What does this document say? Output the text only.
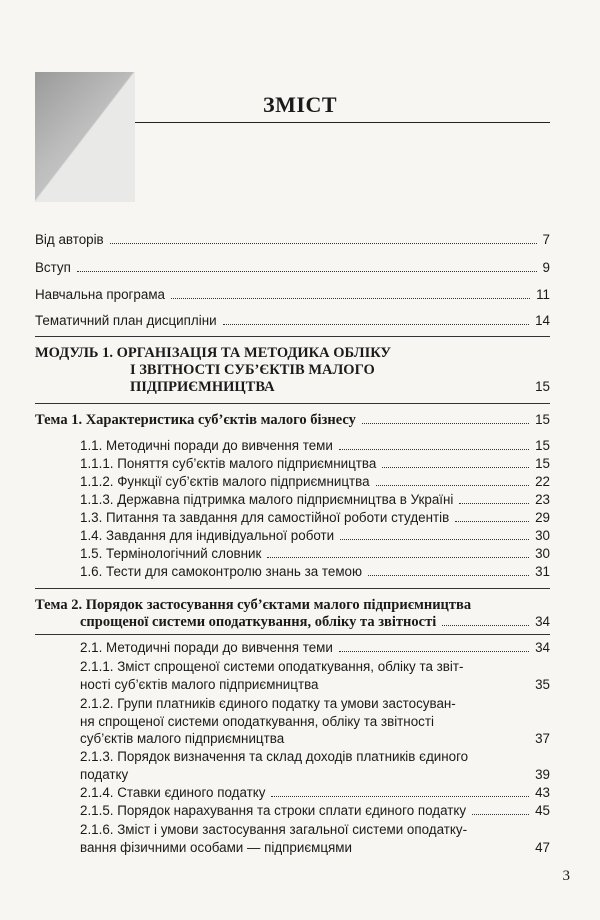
ЗМІСТ
Від авторів	7
Вступ	9
Навчальна програма	11
Тематичний план дисципліни	14
МОДУЛЬ 1. ОРГАНІЗАЦІЯ ТА МЕТОДИКА ОБЛІКУ
І ЗВІТНОСТІ СУБ’ЄКТІВ МАЛОГО
ПІДПРИЄМНИЦТВА	15
Тема 1. Характеристика суб’єктів малого бізнесу	15
1.1. Методичні поради до вивчення теми	15
1.1.1. Поняття суб’єктів малого підприємництва	15
1.1.2. Функції суб’єктів малого підприємництва	22
1.1.3. Державна підтримка малого підприємництва в Україні	23
1.3. Питання та завдання для самостійної роботи студентів	29
1.4. Завдання для індивідуальної роботи	30
1.5. Термінологічний словник	30
1.6. Тести для самоконтролю знань за темою	31
Тема 2. Порядок застосування суб’єктами малого підприємництва
спрощеної системи оподаткування, обліку та звітності	34
2.1. Методичні поради до вивчення теми	34
2.1.1. Зміст спрощеної системи оподаткування, обліку та звіт-
ності суб’єктів малого підприємництва	35
2.1.2. Групи платників єдиного податку та умови застосуван-
ня спрощеної системи оподаткування, обліку та звітності
суб’єктів малого підприємництва	37
2.1.3. Порядок визначення та склад доходів платників єдиного
податку	39
2.1.4. Ставки єдиного податку	43
2.1.5. Порядок нарахування та строки сплати єдиного податку	45
2.1.6. Зміст і умови застосування загальної системи оподатку-
вання фізичними особами — підприємцями	47
3
